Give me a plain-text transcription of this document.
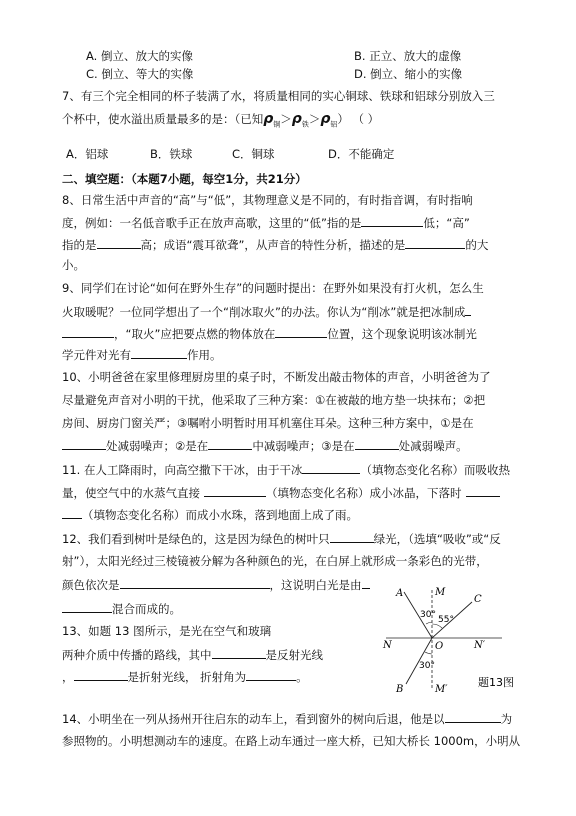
A. 倒立、放大的实像	B. 正立、放大的虚像
C. 倒立、等大的实像	D. 倒立、缩小的实像
7、有三个完全相同的杯子装满了水，将质量相同的实心铜球、铁球和铝球分别放入三
个杯中，使水溢出质量最多的是：（已知$\rho_铜>\rho_铁>\rho_铝$） （ ）
A．铝球	B．铁球	C．铜球	D．不能确定
二、填空题：（本题7小题，每空1分，共21分）
8、日常生活中声音的“高”与“低”，其物理意义是不同的，有时指音调，有时指响
度，例如：一名低音歌手正在放声高歌，这里的“低”指的是	低；“高”
指的是	高；成语“震耳欲聋”，从声音的特性分析，描述的是	的大
小。
9、同学们在讨论“如何在野外生存”的问题时提出：在野外如果没有打火机，怎么生
火取暖呢？一位同学想出了一个“削冰取火”的办法。你认为“削冰”就是把冰制成
，“取火”应把要点燃的物体放在	位置，这个现象说明该冰制光
学元件对光有	作用。
10、小明爸爸在家里修理厨房里的桌子时，不断发出敲击物体的声音，小明爸爸为了
尽量避免声音对小明的干扰，他采取了三种方案：①在被敲的地方垫一块抹布；②把
房间、厨房门窗关严；③嘱咐小明暂时用耳机塞住耳朵。这种三种方案中，①是在
处减弱噪声；②是在	中减弱噪声；③是在	处减弱噪声。
11. 在人工降雨时，向高空撒下干冰，由于干冰	（填物态变化名称）而吸收热
量，使空气中的水蒸气直接	（填物态变化名称）成小冰晶，下落时
（填物态变化名称）而成小水珠，落到地面上成了雨。
12、我们看到树叶是绿色的，这是因为绿色的树叶只	绿光，（选填“吸收”或“反
射”），太阳光经过三棱镜被分解为各种颜色的光，在白屏上就形成一条彩色的光带，
颜色依次是	，这说明白光是由
混合而成的。
13、如题 13 图所示，是光在空气和玻璃
两种介质中传播的路线，其中	是反射光线
，	是折射光线， 折射角为	。
A	M
C
30° 55°
N	O	N′
30°
B	M′
题13图
14、小明坐在一列从扬州开往启东的动车上，看到窗外的树向后退，他是以	为
参照物的。小明想测动车的速度。在路上动车通过一座大桥，已知大桥长 1000m，小明从
